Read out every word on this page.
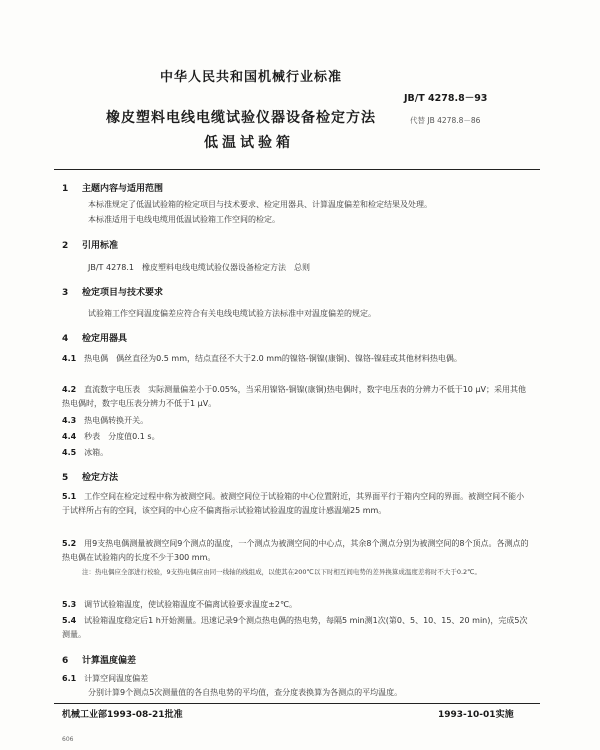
中华人民共和国机械行业标准
JB/T 4278.8－93
橡皮塑料电线电缆试验仪器设备检定方法	代替 JB 4278.8－86
低温试验箱
1 主题内容与适用范围
本标准规定了低温试验箱的检定项目与技术要求、检定用器具、计算温度偏差和检定结果及处理。
本标准适用于电线电缆用低温试验箱工作空间的检定。
2 引用标准
JB/T 4278.1　橡皮塑料电线电缆试验仪器设备检定方法　总则
3 检定项目与技术要求
试验箱工作空间温度偏差应符合有关电线电缆试验方法标准中对温度偏差的规定。
4 检定用器具
4.1 热电偶　偶丝直径为0.5 mm，结点直径不大于2.0 mm的镍铬-铜镍(康铜)、镍铬-镍硅或其他材料热电偶。
4.2 直流数字电压表　实际测量偏差小于0.05%，当采用镍铬-铜镍(康铜)热电偶时，数字电压表的分辨力不低于10 μV；采用其他热电偶时，数字电压表分辨力不低于1 μV。
4.3 热电偶转换开关。
4.4 秒表　分度值0.1 s。
4.5 冰箱。
5 检定方法
5.1 工作空间在检定过程中称为被测空间。被测空间位于试验箱的中心位置附近，其界面平行于箱内空间的界面。被测空间不能小于试样所占有的空间，该空间的中心应不偏离指示试验箱试验温度的温度计感温端25 mm。
5.2 用9支热电偶测量被测空间9个测点的温度，一个测点为被测空间的中心点，其余8个测点分别为被测空间的8个顶点。各测点的热电偶在试验箱内的长度不少于300 mm。
注：热电偶应全部进行校验，9支热电偶应由同一线轴的线组成，以使其在200℃以下时相互间电势的差异换算成温度差将时不大于0.2℃。
5.3 调节试验箱温度，使试验箱温度不偏离试验要求温度±2℃。
5.4 试验箱温度稳定后1 h开始测量。迅速记录9个测点热电偶的热电势，每隔5 min测1次(第0、5、10、15、20 min)，完成5次测量。
6 计算温度偏差
6.1 计算空间温度偏差
分别计算9个测点5次测量值的各自热电势的平均值，查分度表换算为各测点的平均温度。
机械工业部1993-08-21批准	1993-10-01实施
606
